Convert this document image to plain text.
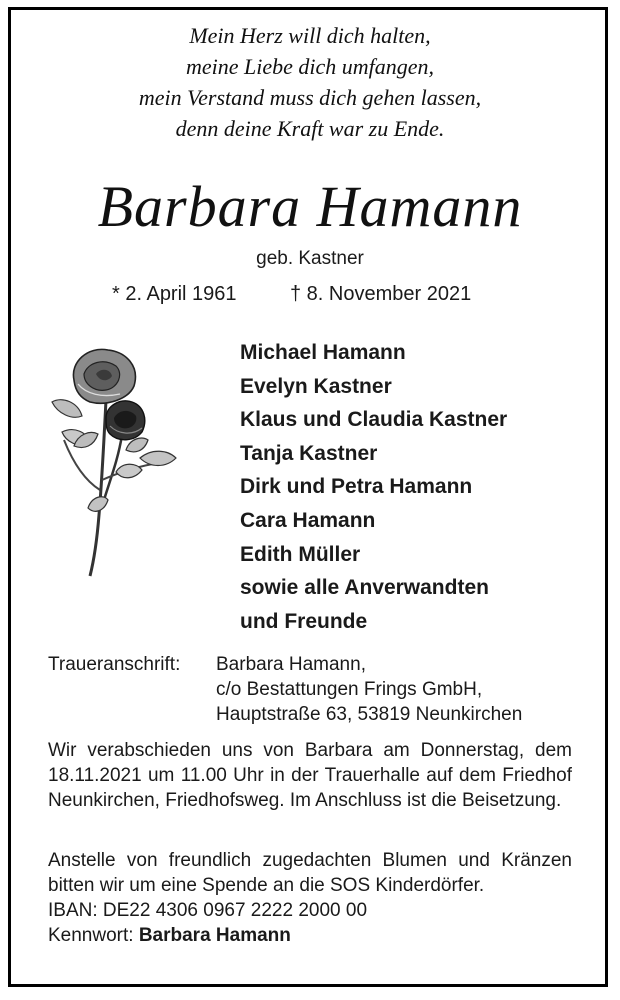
Mein Herz will dich halten,
meine Liebe dich umfangen,
mein Verstand muss dich gehen lassen,
denn deine Kraft war zu Ende.
Barbara Hamann
geb. Kastner
* 2. April 1961	† 8. November 2021
Michael Hamann
Evelyn Kastner
Klaus und Claudia Kastner
Tanja Kastner
Dirk und Petra Hamann
Cara Hamann
Edith Müller
sowie alle Anverwandten
und Freunde
Traueranschrift: Barbara Hamann,
c/o Bestattungen Frings GmbH,
Hauptstraße 63, 53819 Neunkirchen
Wir verabschieden uns von Barbara am Donnerstag, dem 18.11.2021 um 11.00 Uhr in der Trauerhalle auf dem Friedhof Neunkirchen, Friedhofsweg. Im Anschluss ist die Beisetzung.
Anstelle von freundlich zugedachten Blumen und Kränzen bitten wir um eine Spende an die SOS Kinderdörfer.
IBAN: DE22 4306 0967 2222 2000 00
Kennwort: Barbara Hamann
